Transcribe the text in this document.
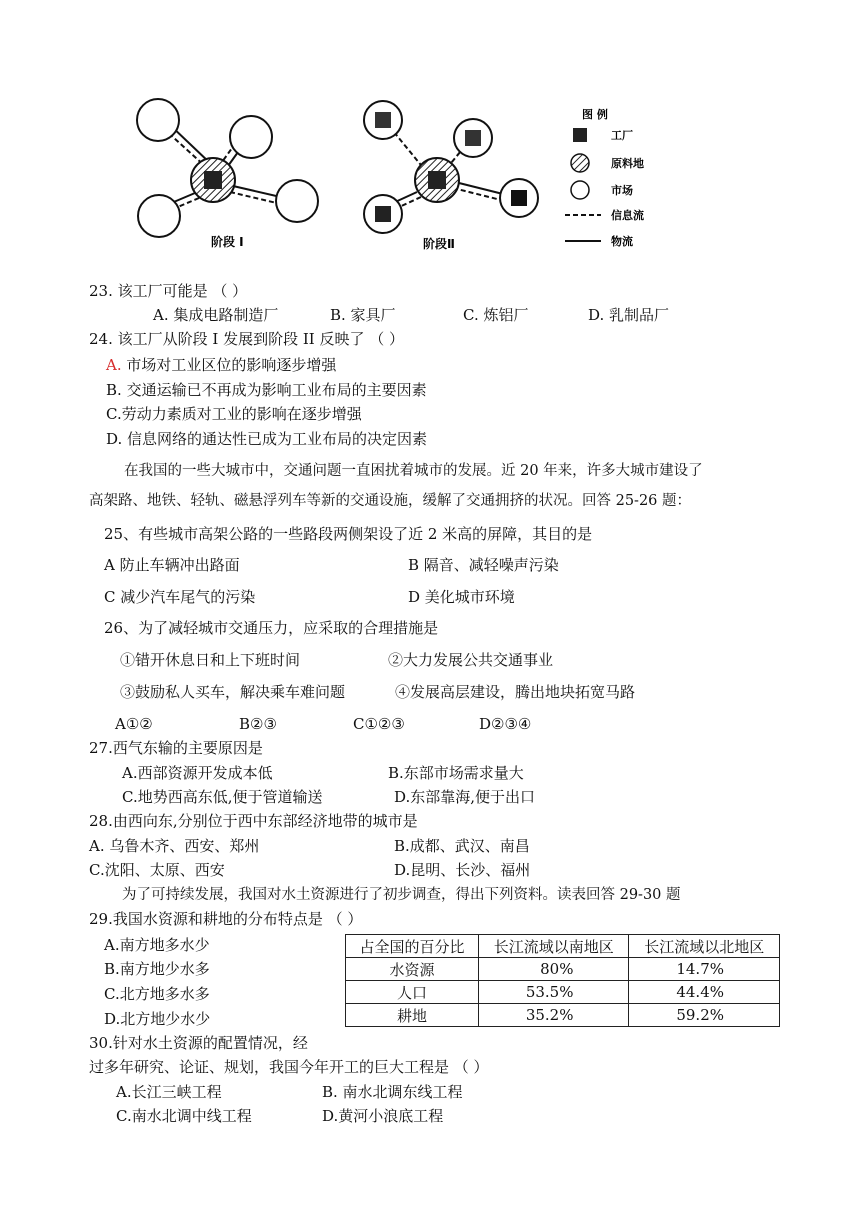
阶段 I	阶段Ⅱ
图 例
工厂
原料地
市场
信息流
物流
23. 该工厂可能是 （ ）
A. 集成电路制造厂	B. 家具厂	C. 炼铝厂	D. 乳制品厂
24. 该工厂从阶段 I 发展到阶段 II 反映了 （ ）
A. 市场对工业区位的影响逐步增强
B. 交通运输已不再成为影响工业布局的主要因素
C.劳动力素质对工业的影响在逐步增强
D. 信息网络的通达性已成为工业布局的决定因素
在我国的一些大城市中，交通问题一直困扰着城市的发展。近 20 年来，许多大城市建设了
高架路、地铁、轻轨、磁悬浮列车等新的交通设施，缓解了交通拥挤的状况。回答 25-26 题：
25、有些城市高架公路的一些路段两侧架设了近 2 米高的屏障，其目的是
A 防止车辆冲出路面	B 隔音、减轻噪声污染
C 减少汽车尾气的污染	D 美化城市环境
26、为了减轻城市交通压力，应采取的合理措施是
①错开休息日和上下班时间	②大力发展公共交通事业
③鼓励私人买车，解决乘车难问题	④发展高层建设，腾出地块拓宽马路
A①②	B②③	C①②③	D②③④
27.西气东输的主要原因是
A.西部资源开发成本低	B.东部市场需求量大
C.地势西高东低,便于管道输送	D.东部靠海,便于出口
28.由西向东,分别位于西中东部经济地带的城市是
A. 乌鲁木齐、西安、郑州	B.成都、武汉、南昌
C.沈阳、太原、西安	D.昆明、长沙、福州
为了可持续发展，我国对水土资源进行了初步调查，得出下列资料。读表回答 29-30 题
29.我国水资源和耕地的分布特点是 （ ）
A.南方地多水少
B.南方地少水多
C.北方地多水多
D.北方地少水少
占全国的百分比	长江流域以南地区	长江流域以北地区
水资源	80%	14.7%
人口	53.5%	44.4%
耕地	35.2%	59.2%
30.针对水土资源的配置情况，经
过多年研究、论证、规划，我国今年开工的巨大工程是 （ ）
A.长江三峡工程	B. 南水北调东线工程
C.南水北调中线工程	D.黄河小浪底工程
